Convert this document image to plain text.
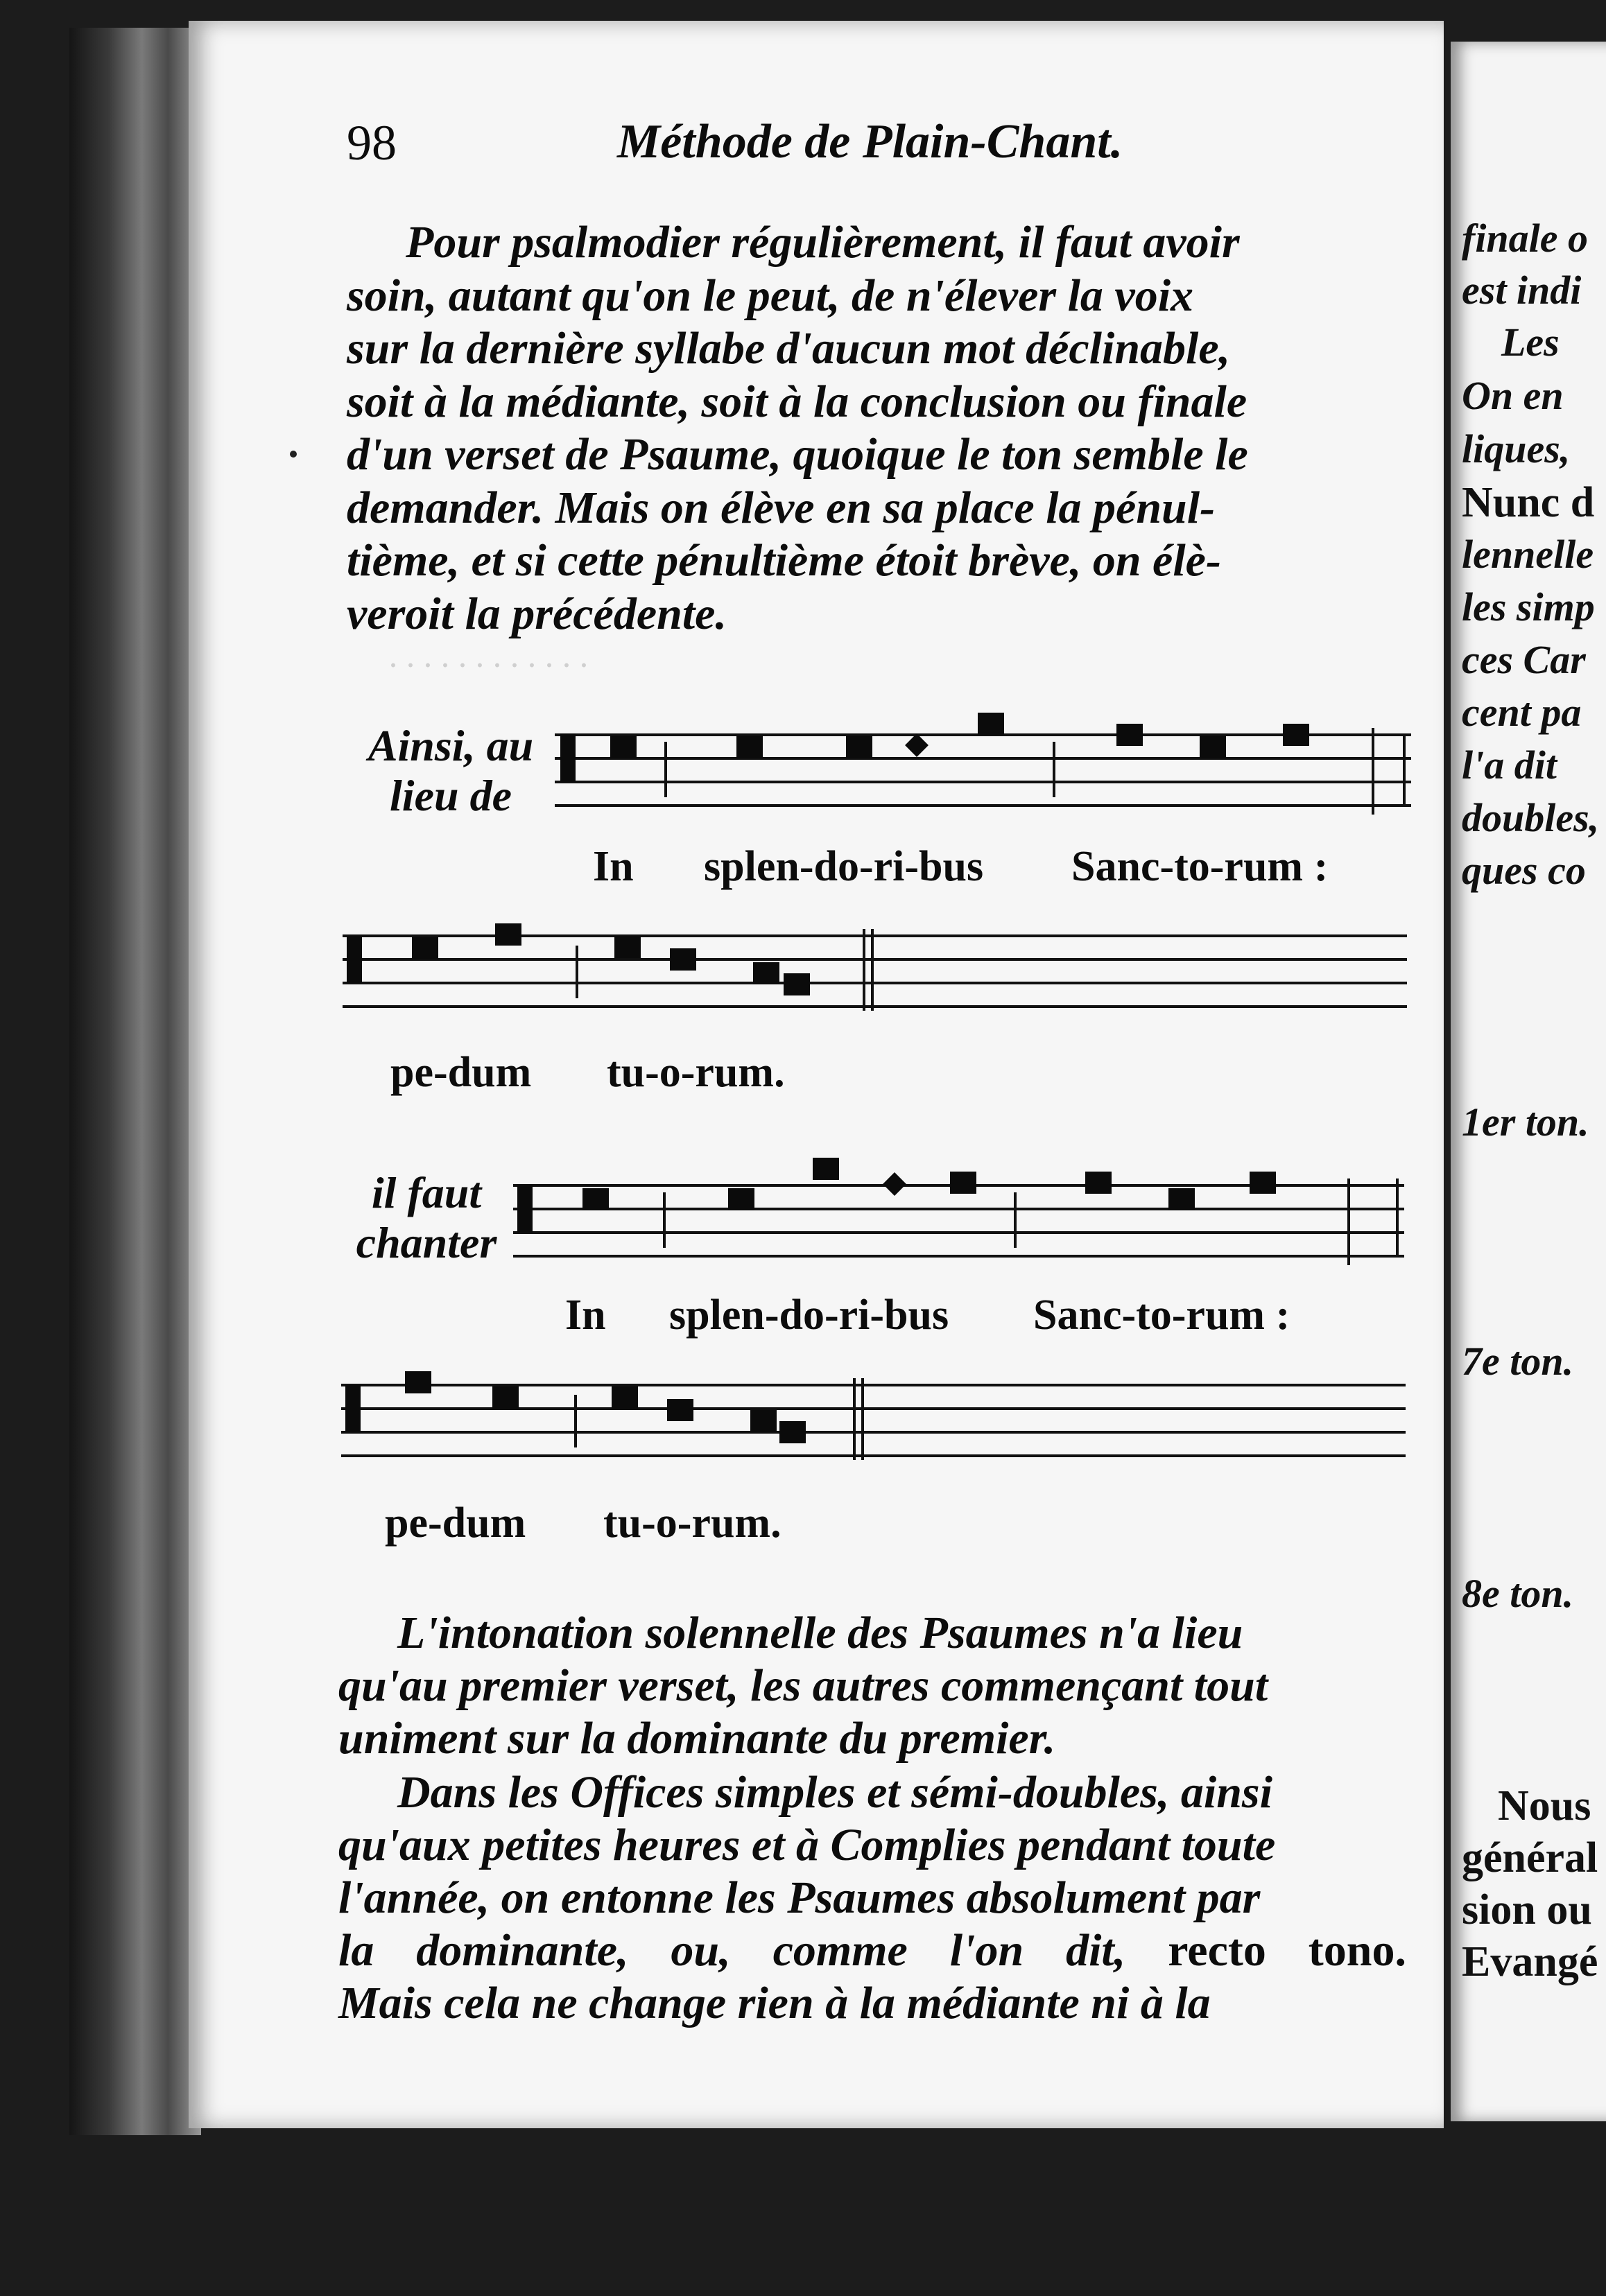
· · · · · · · · · · · ·
98	Méthode de Plain-Chant.
Pour psalmodier régulièrement, il faut avoir
soin, autant qu'on le peut, de n'élever la voix
sur la dernière syllabe d'aucun mot déclinable,
soit à la médiante, soit à la conclusion ou finale
d'un verset de Psaume, quoique le ton semble le
demander. Mais on élève en sa place la pénul-
tième, et si cette pénultième étoit brève, on élè-
veroit la précédente.
Ainsi, au
lieu de
In splen-do-ri-bus Sanc-to-rum :
pe-dum tu-o-rum.
il faut
chanter
In splen-do-ri-bus Sanc-to-rum :
pe-dum tu-o-rum.
L'intonation solennelle des Psaumes n'a lieu
qu'au premier verset, les autres commençant tout
uniment sur la dominante du premier.
Dans les Offices simples et sémi-doubles, ainsi
qu'aux petites heures et à Complies pendant toute
l'année, on entonne les Psaumes absolument par
la dominante, ou, comme l'on dit, recto tono.
Mais cela ne change rien à la médiante ni à la
finale o
est indi
Les
On en
liques,
Nunc d
lennelle
les simp
ces Car
cent pa
l'a dit
doubles,
ques co
1er ton.
7e ton.
8e ton.
Nous
général
sion ou
Evangé
